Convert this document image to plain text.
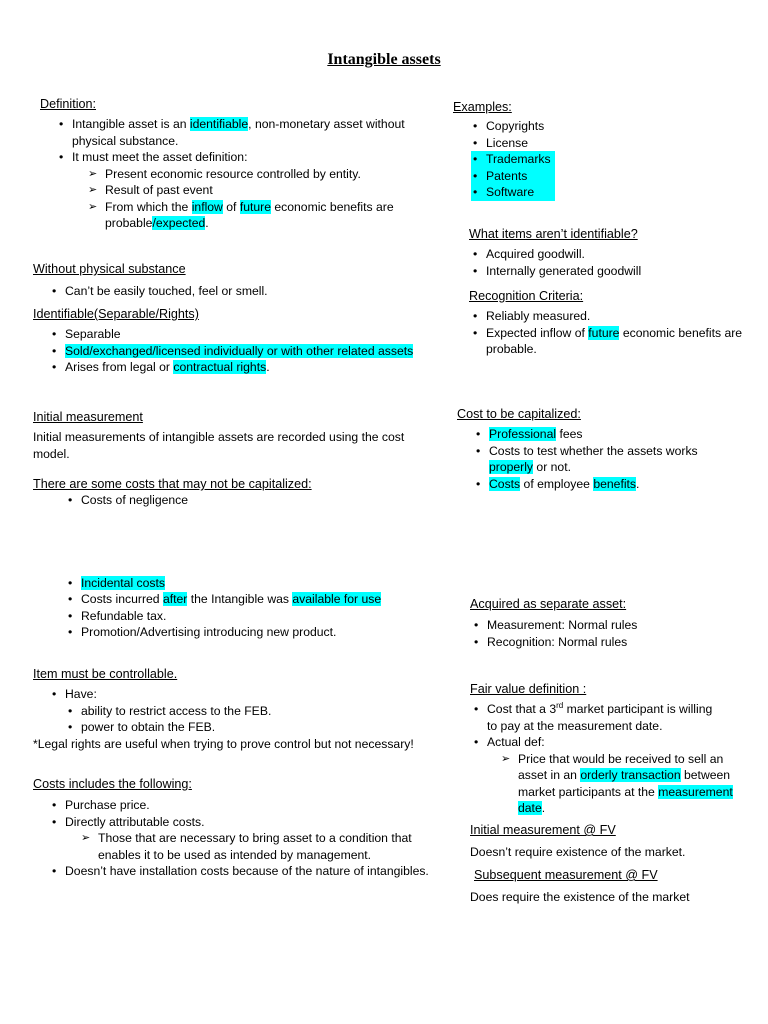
Intangible assets
Definition:
• Intangible asset is an identifiable, non-monetary asset without physical substance.
• It must meet the asset definition:
➢ Present economic resource controlled by entity.
➢ Result of past event
➢ From which the inflow of future economic benefits are probable/expected.
Without physical substance
• Can’t be easily touched, feel or smell.
Identifiable(Separable/Rights)
• Separable
• Sold/exchanged/licensed individually or with other related assets
• Arises from legal or contractual rights.
Initial measurement
Initial measurements of intangible assets are recorded using the cost model.
There are some costs that may not be capitalized:
• Costs of negligence
• Incidental costs
• Costs incurred after the Intangible was available for use
• Refundable tax.
• Promotion/Advertising introducing new product.
Item must be controllable.
• Have:
• ability to restrict access to the FEB.
• power to obtain the FEB.
*Legal rights are useful when trying to prove control but not necessary!
Costs includes the following:
• Purchase price.
• Directly attributable costs.
➢ Those that are necessary to bring asset to a condition that enables it to be used as intended by management.
• Doesn’t have installation costs because of the nature of intangibles.
Examples:
• Copyrights
• License
• Trademarks
• Patents
• Software
What items aren’t identifiable?
• Acquired goodwill.
• Internally generated goodwill
Recognition Criteria:
• Reliably measured.
• Expected inflow of future economic benefits are probable.
Cost to be capitalized:
• Professional fees
• Costs to test whether the assets works properly or not.
• Costs of employee benefits.
Acquired as separate asset:
• Measurement: Normal rules
• Recognition: Normal rules
Fair value definition :
• Cost that a 3rd market participant is willing to pay at the measurement date.
• Actual def:
➢ Price that would be received to sell an asset in an orderly transaction between market participants at the measurement date.
Initial measurement @ FV
Doesn’t require existence of the market.
Subsequent measurement @ FV
Does require the existence of the market
